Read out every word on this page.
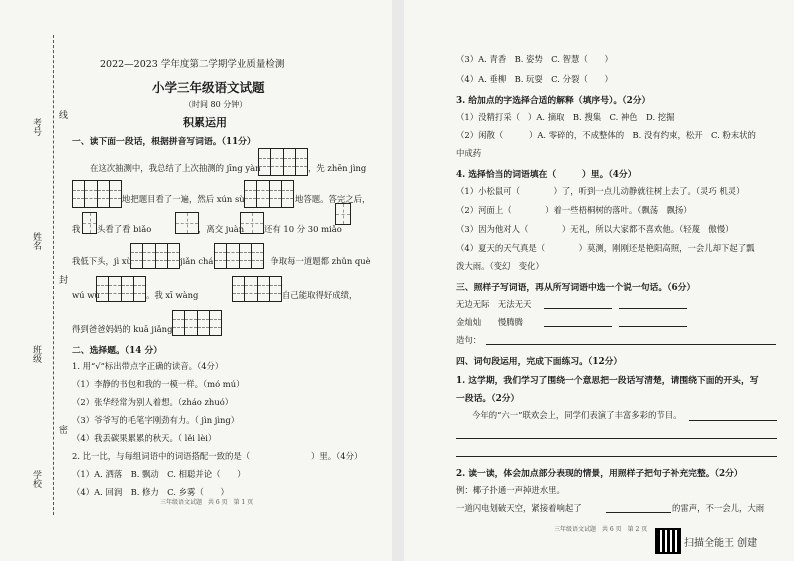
考号
线
姓名
封
班级
密
学校
2022—2023 学年度第二学期学业质量检测
小学三年级语文试题
（时间 80 分钟）
积累运用
一、读下面一段话，根据拼音写词语。（11分）
在这次抽测中，我总结了上次抽测的 jīng yàn	，先 zhēn jìng
地把题目看了一遍，然后 xún sù	地答题。答完之后，
我 头看了看 biǎo	，离交 juàn 还有 10 分 30 miǎo
我低下头，jì xù	jiǎn chá	，争取每一道题都 zhǔn què
wú wù	。我 xī wàng	自己能取得好成绩，
得到爸爸妈妈的 kuā jiǎng
二、选择题。（14 分）
1. 用“√”标出带点字正确的读音。（4分）
（1）李静的书包和我的一模一样。（mó mú）
（2）张华经常为别人着想。（zháo zhuó）
（3）爷爷写的毛笔字刚劲有力。（ jìn jìng）
（4）我丢碳果累累的秋天。（ lěi lèi）
2. 比一比，与每组词语中的词语搭配一致的是（	）里。（4分）
（1）A. 洒落　B. 飘动　C. 相聪并论（　　）
（4）A. 回润　B. 修力　C. 乡雾（　　）
三年级语文试题　共 6 页　第 1 页
（3）A. 青香　B. 姿势　C. 智慧（　　）
（4）A. 垂柳　B. 玩耍　C. 分裂（　　）
3. 给加点的字选择合适的解释（填序号）。（2分）
（1）没精打采（ ）A. 摘取　B. 搜集　C. 神色　D. 挖掘
（2）闲散（	）A. 零碎的，不成整体的　B. 没有约束，松开　C. 粉末状的
中成药
4. 选择恰当的词语填在（	）里。（4分）
（1）小松鼠可（　　　　）了，听到一点儿动静就往树上去了。（灵巧 机灵）
（2）河面上（　　　　）着一些梧桐树的落叶。（飘荡　飘扬）
（3）因为他对人（　　　　）无礼，所以大家都不喜欢他。（轻蔑　傲慢）
（4）夏天的天气真是（　　　　）莫测，刚刚还是艳阳高照，一会儿却下起了瓢
泼大雨。（变幻　变化）
三、照样子写词语，再从所写词语中选一个说一句话。（6分）
无边无际　无法无天
金灿灿　　慢腾腾
造句：
四、词句段运用，完成下面练习。（12分）
1. 这学期，我们学习了围绕一个意思把一段话写清楚，请围绕下面的开头，写
一段话。（2分）
今年的“六一”联欢会上，同学们表演了丰富多彩的节目。
2. 读一读，体会加点部分表现的情景，用照样子把句子补充完整。（2分）
例：椰子扑通一声掉进水里。
一道闪电划破天空，紧接着响起了	的雷声，不一会儿，大雨
三年级语文试题　共 6 页　第 2 页
扫描全能王 创建
